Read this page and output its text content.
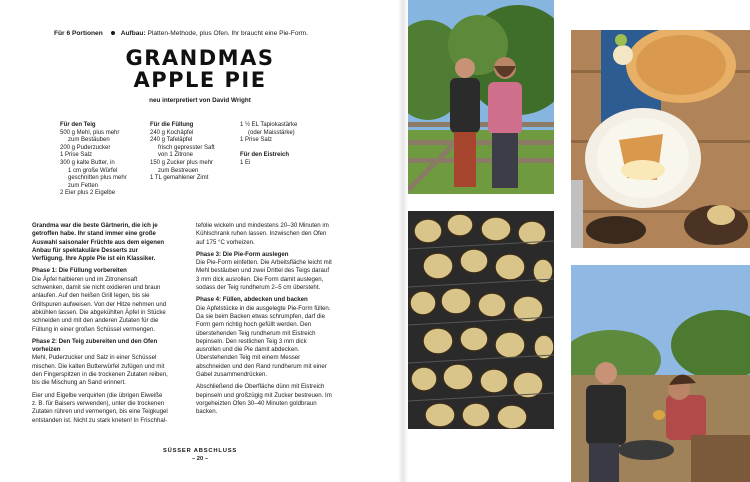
Für 6 Portionen	Aufbau: Platten-Methode, plus Ofen. Ihr braucht eine Pie-Form.
GRANDMAS
APPLE PIE
neu interpretiert von David Wright
Für den Teig
500 g Mehl, plus mehr
zum Bestäuben
200 g Puderzucker
1 Prise Salz
300 g kalte Butter, in
1 cm große Würfel
geschnitten plus mehr
zum Fetten
2 Eier plus 2 Eigelbe
Für die Füllung
240 g Kochäpfel
240 g Tafeläpfel
frisch gepresster Saft
von 1 Zitrone
150 g Zucker plus mehr
zum Bestreuen
1 TL gemahlener Zimt
1 ½ EL Tapiokastärke
(oder Maisstärke)
1 Prise Salz
Für den Eistreich
1 Ei

Grandma war die beste Gärtnerin, die ich je getroffen habe. Ihr stand immer eine große Auswahl saisonaler Früchte aus dem eigenen Anbau für spektakuläre Desserts zur Verfügung. Ihre Apple Pie ist ein Klassiker.

Phase 1: Die Füllung vorbereiten

Die Äpfel halbieren und im Zitronensaft schwenken, damit sie nicht oxidieren und braun anlaufen. Auf den heißen Grill legen, bis sie Grillspuren aufweisen. Von der Hitze nehmen und abkühlen lassen. Die abgekühlten Äpfel in Stücke schneiden und mit den anderen Zutaten für die Füllung in einer großen Schüssel vermengen.

Phase 2: Den Teig zubereiten und den Ofen vorheizen

Mehl, Puderzucker und Salz in einer Schüssel mischen. Die kalten Butterwürfel zufügen und mit den Fingerspitzen in die trockenen Zutaten reiben, bis die Mischung an Sand erinnert.

Eier und Eigelbe verquirlen (die übrigen Eiweiße z. B. für Baisers verwenden), unter die trockenen Zutaten rühren und vermengen, bis eine Teigkugel entstanden ist. Nicht zu stark kneten! In Frischhal-

tefolie wickeln und mindestens 20–30 Minuten im Kühlschrank ruhen lassen. Inzwischen den Ofen auf 175 °C vorheizen.

Phase 3: Die Pie-Form auslegen

Die Pie-Form einfetten. Die Arbeitsfläche leicht mit Mehl bestäuben und zwei Drittel des Teigs darauf 3 mm dick ausrollen. Die Form damit auslegen, sodass der Teig rundherum 2–5 cm übersteht.

Phase 4: Füllen, abdecken und backen

Die Apfelstücke in die ausgelegte Pie-Form füllen. Da sie beim Backen etwas schrumpfen, darf die Form gern richtig hoch gefüllt werden. Den überstehenden Teig rundherum mit Eistreich bepinseln. Den restlichen Teig 3 mm dick ausrollen und die Pie damit abdecken. Überstehenden Teig mit einem Messer abschneiden und den Rand rundherum mit einer Gabel zusammendrücken.

Abschließend die Oberfläche dünn mit Eistreich bepinseln und großzügig mit Zucker bestreuen. Im vorgeheizten Ofen 30–40 Minuten goldbraun backen.

SÜSSER ABSCHLUSS
– 20 –
